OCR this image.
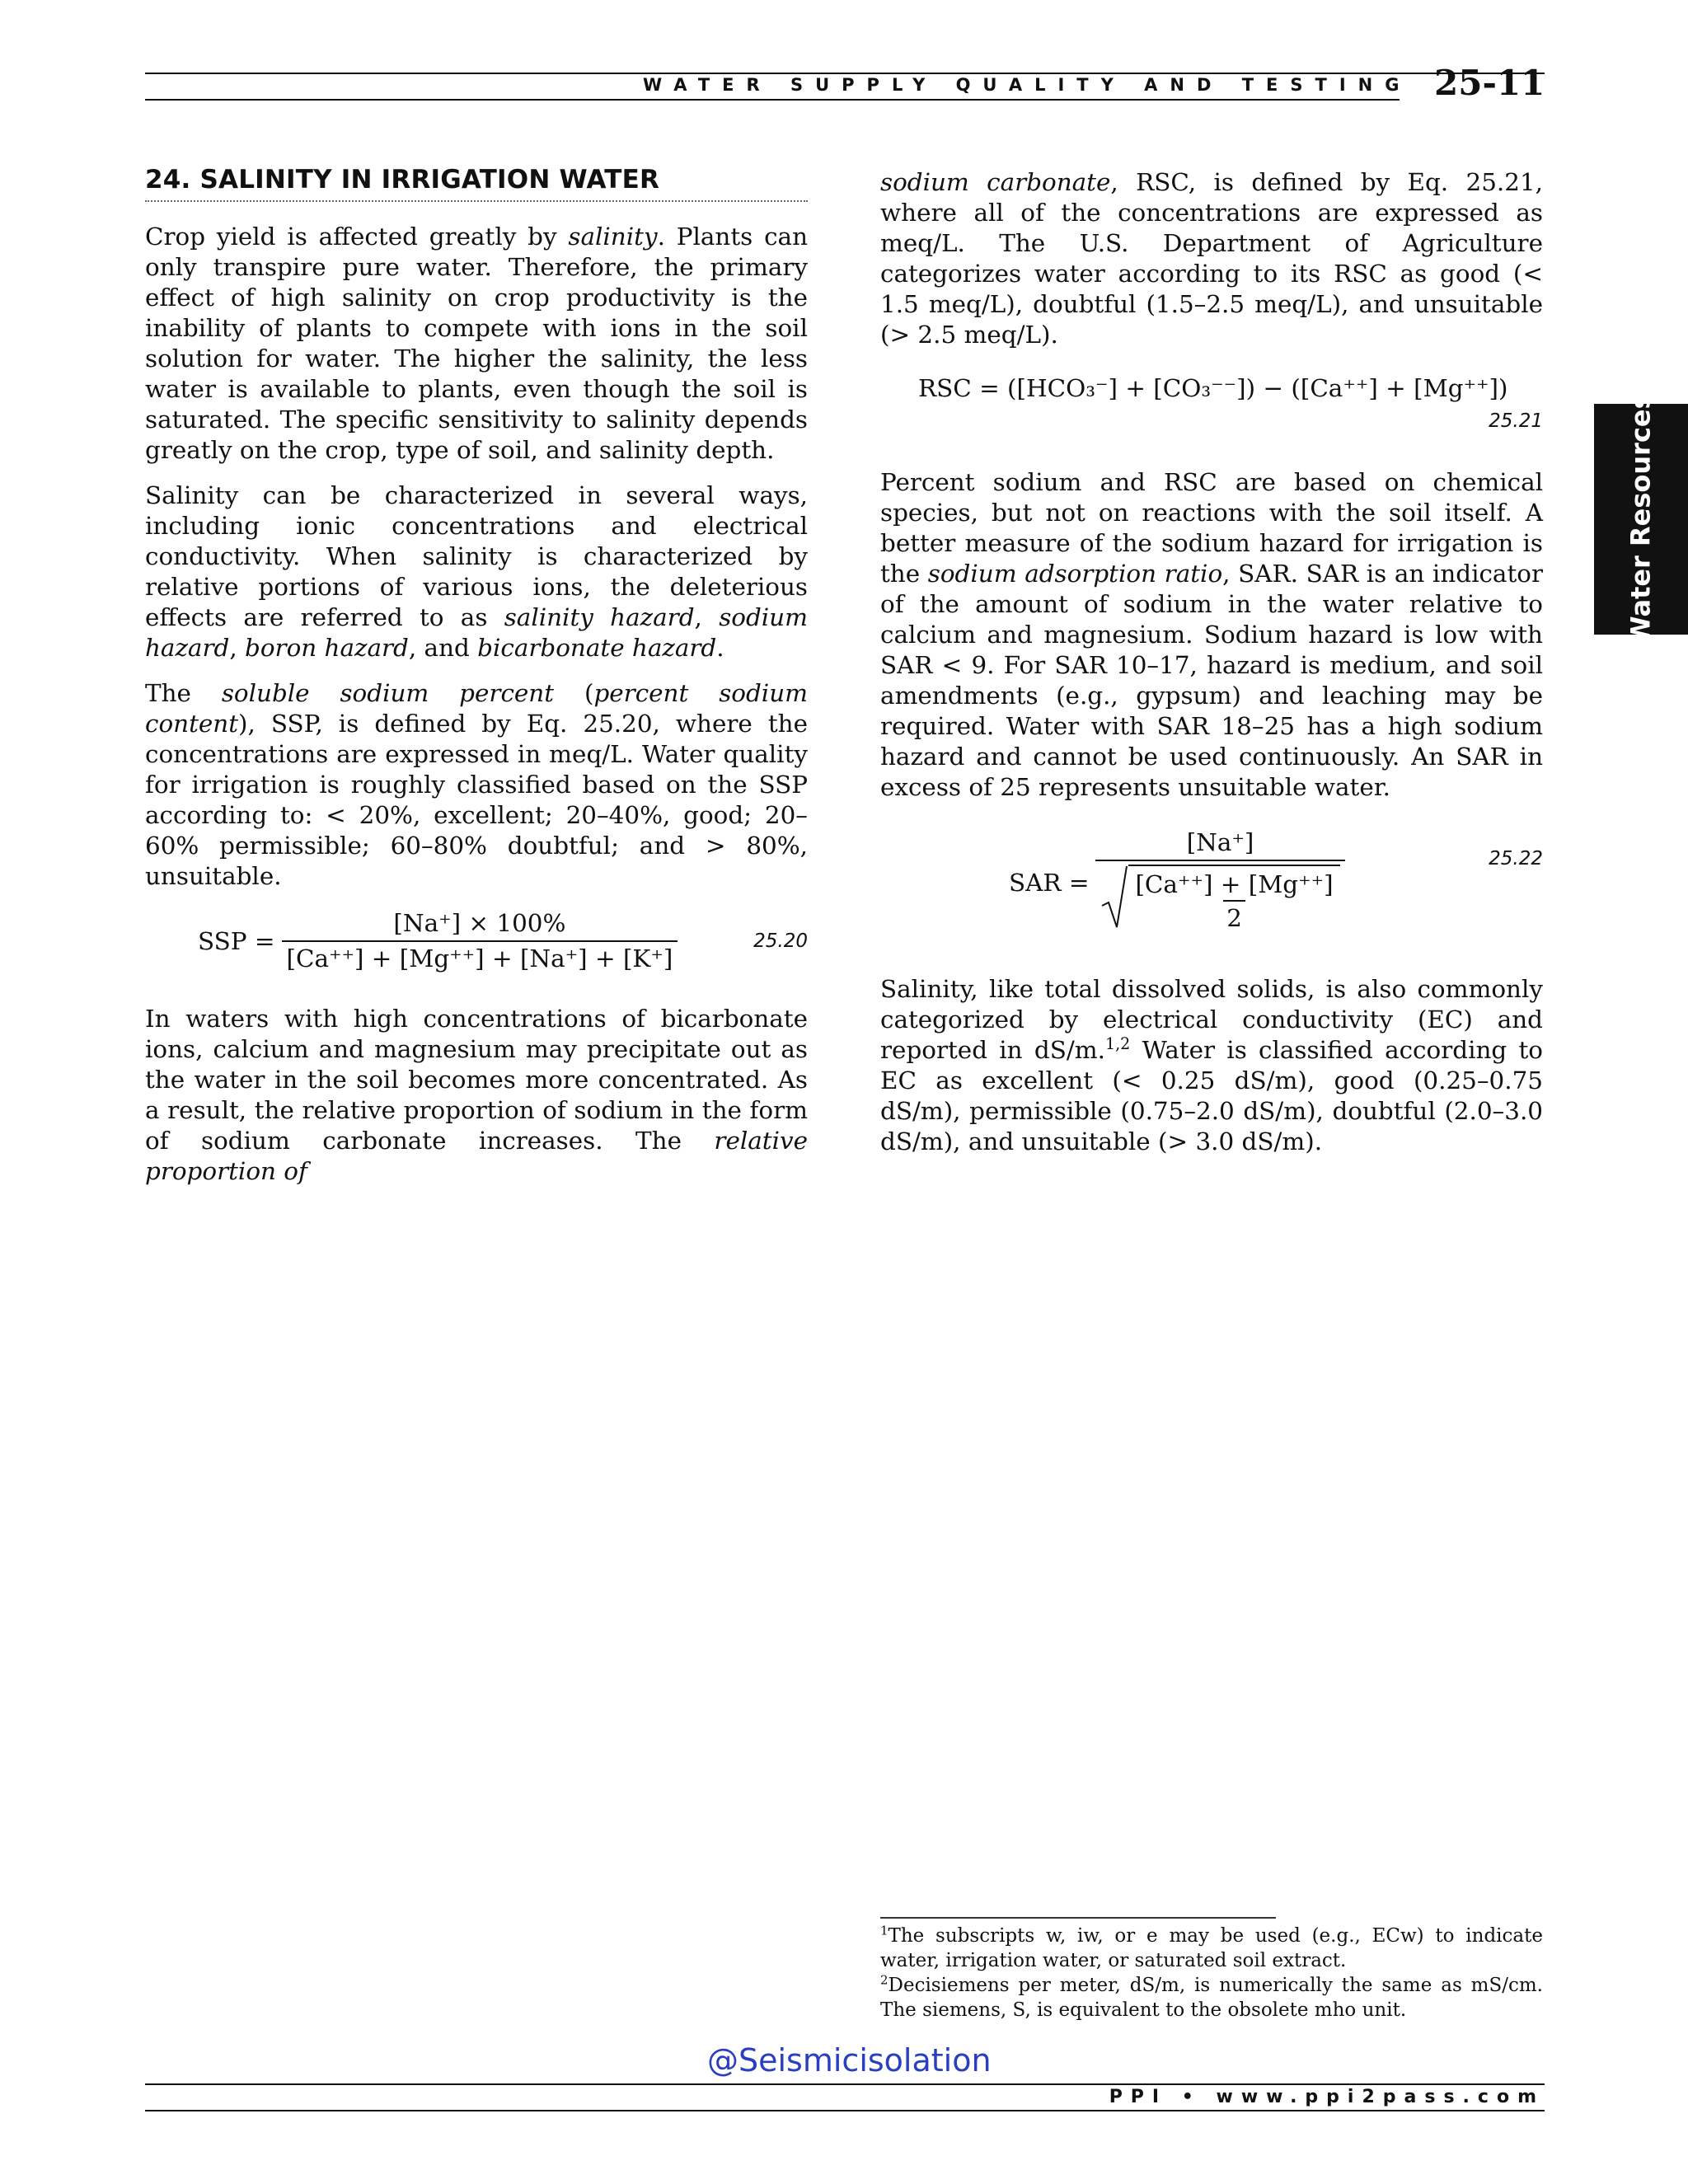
WATER SUPPLY QUALITY AND TESTING 25-11
Water Resources
24. SALINITY IN IRRIGATION WATER

Crop yield is affected greatly by salinity. Plants can only transpire pure water. Therefore, the primary effect of high salinity on crop productivity is the inability of plants to compete with ions in the soil solution for water. The higher the salinity, the less water is available to plants, even though the soil is saturated. The specific sensitivity to salinity depends greatly on the crop, type of soil, and salinity depth.

Salinity can be characterized in several ways, including ionic concentrations and electrical conductivity. When salinity is characterized by relative portions of various ions, the deleterious effects are referred to as salinity hazard, sodium hazard, boron hazard, and bicarbonate hazard.

The soluble sodium percent (percent sodium content), SSP, is defined by Eq. 25.20, where the concentrations are expressed in meq/L. Water quality for irrigation is roughly classified based on the SSP according to: < 20%, excellent; 20–40%, good; 20–60% permissible; 60–80% doubtful; and > 80%, unsuitable.

SSP = $\frac{[Na^+] \times 100\%}{[Ca^{++}] + [Mg^{++}] + [Na^+] + [K^+]}$	25.20

In waters with high concentrations of bicarbonate ions, calcium and magnesium may precipitate out as the water in the soil becomes more concentrated. As a result, the relative proportion of sodium in the form of sodium carbonate increases. The relative proportion of

sodium carbonate, RSC, is defined by Eq. 25.21, where all of the concentrations are expressed as meq/L. The U.S. Department of Agriculture categorizes water according to its RSC as good (< 1.5 meq/L), doubtful (1.5–2.5 meq/L), and unsuitable (> 2.5 meq/L).

RSC = ([HCO₃⁻] + [CO₃⁻⁻]) − ([Ca⁺⁺] + [Mg⁺⁺])
25.21

Percent sodium and RSC are based on chemical species, but not on reactions with the soil itself. A better measure of the sodium hazard for irrigation is the sodium adsorption ratio, SAR. SAR is an indicator of the amount of sodium in the water relative to calcium and magnesium. Sodium hazard is low with SAR < 9. For SAR 10–17, hazard is medium, and soil amendments (e.g., gypsum) and leaching may be required. Water with SAR 18–25 has a high sodium hazard and cannot be used continuously. An SAR in excess of 25 represents unsuitable water.

SAR = $\frac{[Na^+]}{\frac{[Ca^{++}] + [Mg^{++}]}{2}}$	25.22

Salinity, like total dissolved solids, is also commonly categorized by electrical conductivity (EC) and reported in dS/m.$^{1,2}$ Water is classified according to EC as excellent (< 0.25 dS/m), good (0.25–0.75 dS/m), permissible (0.75–2.0 dS/m), doubtful (2.0–3.0 dS/m), and unsuitable (> 3.0 dS/m).

$^1$The subscripts w, iw, or e may be used (e.g., ECw) to indicate water, irrigation water, or saturated soil extract.

$^2$Decisiemens per meter, dS/m, is numerically the same as mS/cm. The siemens, S, is equivalent to the obsolete mho unit.

@Seismicisolation
PPI • www.ppi2pass.com
